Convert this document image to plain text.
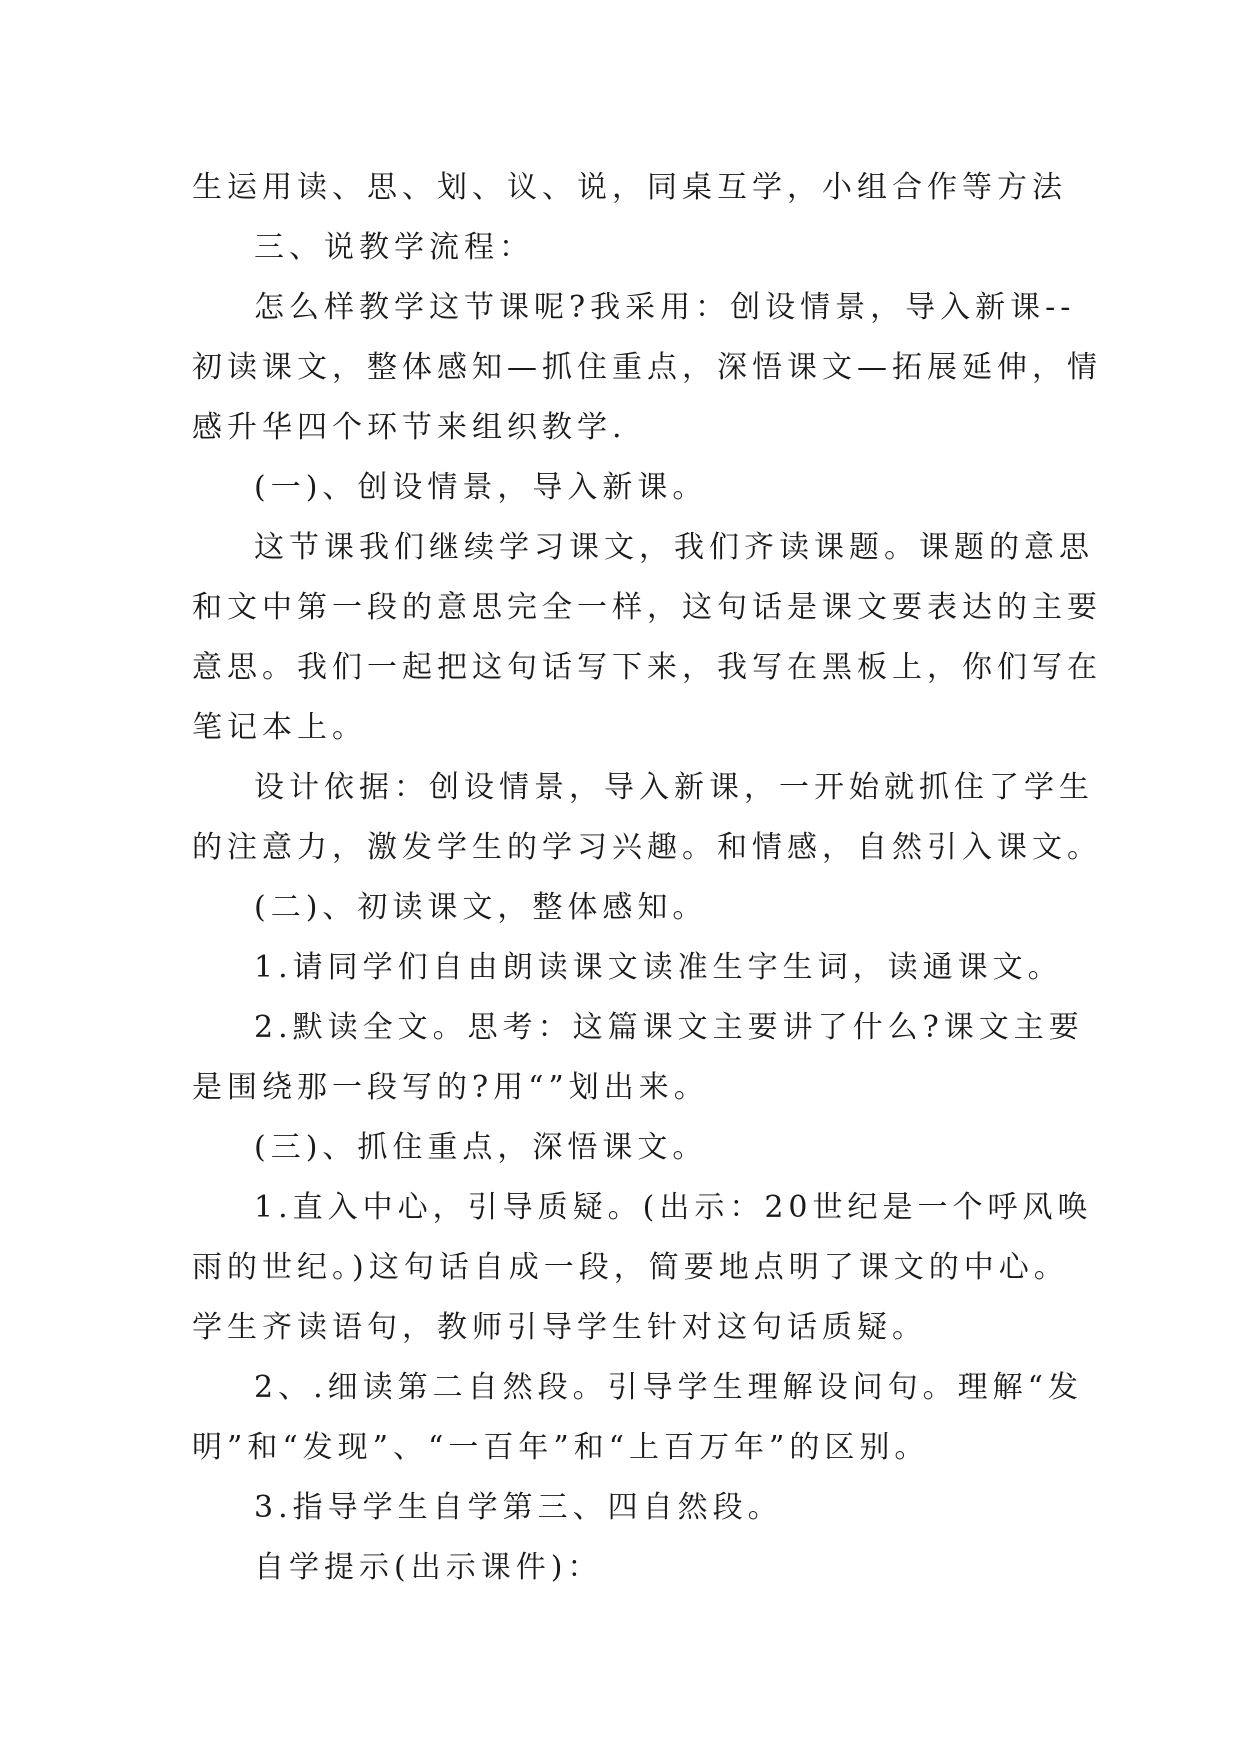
生运用读、思、划、议、说，同桌互学，小组合作等方法

三、说教学流程：

怎么样教学这节课呢?我采用：创设情景，导入新课--

初读课文，整体感知—抓住重点，深悟课文—拓展延伸，情

感升华四个环节来组织教学.

(一)、创设情景，导入新课。

这节课我们继续学习课文，我们齐读课题。课题的意思

和文中第一段的意思完全一样，这句话是课文要表达的主要

意思。我们一起把这句话写下来，我写在黑板上，你们写在

笔记本上。

设计依据：创设情景，导入新课，一开始就抓住了学生

的注意力，激发学生的学习兴趣。和情感，自然引入课文。

(二)、初读课文，整体感知。

1.请同学们自由朗读课文读准生字生词，读通课文。

2.默读全文。思考：这篇课文主要讲了什么?课文主要

是围绕那一段写的?用“”划出来。

(三)、抓住重点，深悟课文。

1.直入中心，引导质疑。(出示：20世纪是一个呼风唤

雨的世纪。)这句话自成一段，简要地点明了课文的中心。

学生齐读语句，教师引导学生针对这句话质疑。

2、.细读第二自然段。引导学生理解设问句。理解“发

明”和“发现”、“一百年”和“上百万年”的区别。

3.指导学生自学第三、四自然段。

自学提示(出示课件)：
